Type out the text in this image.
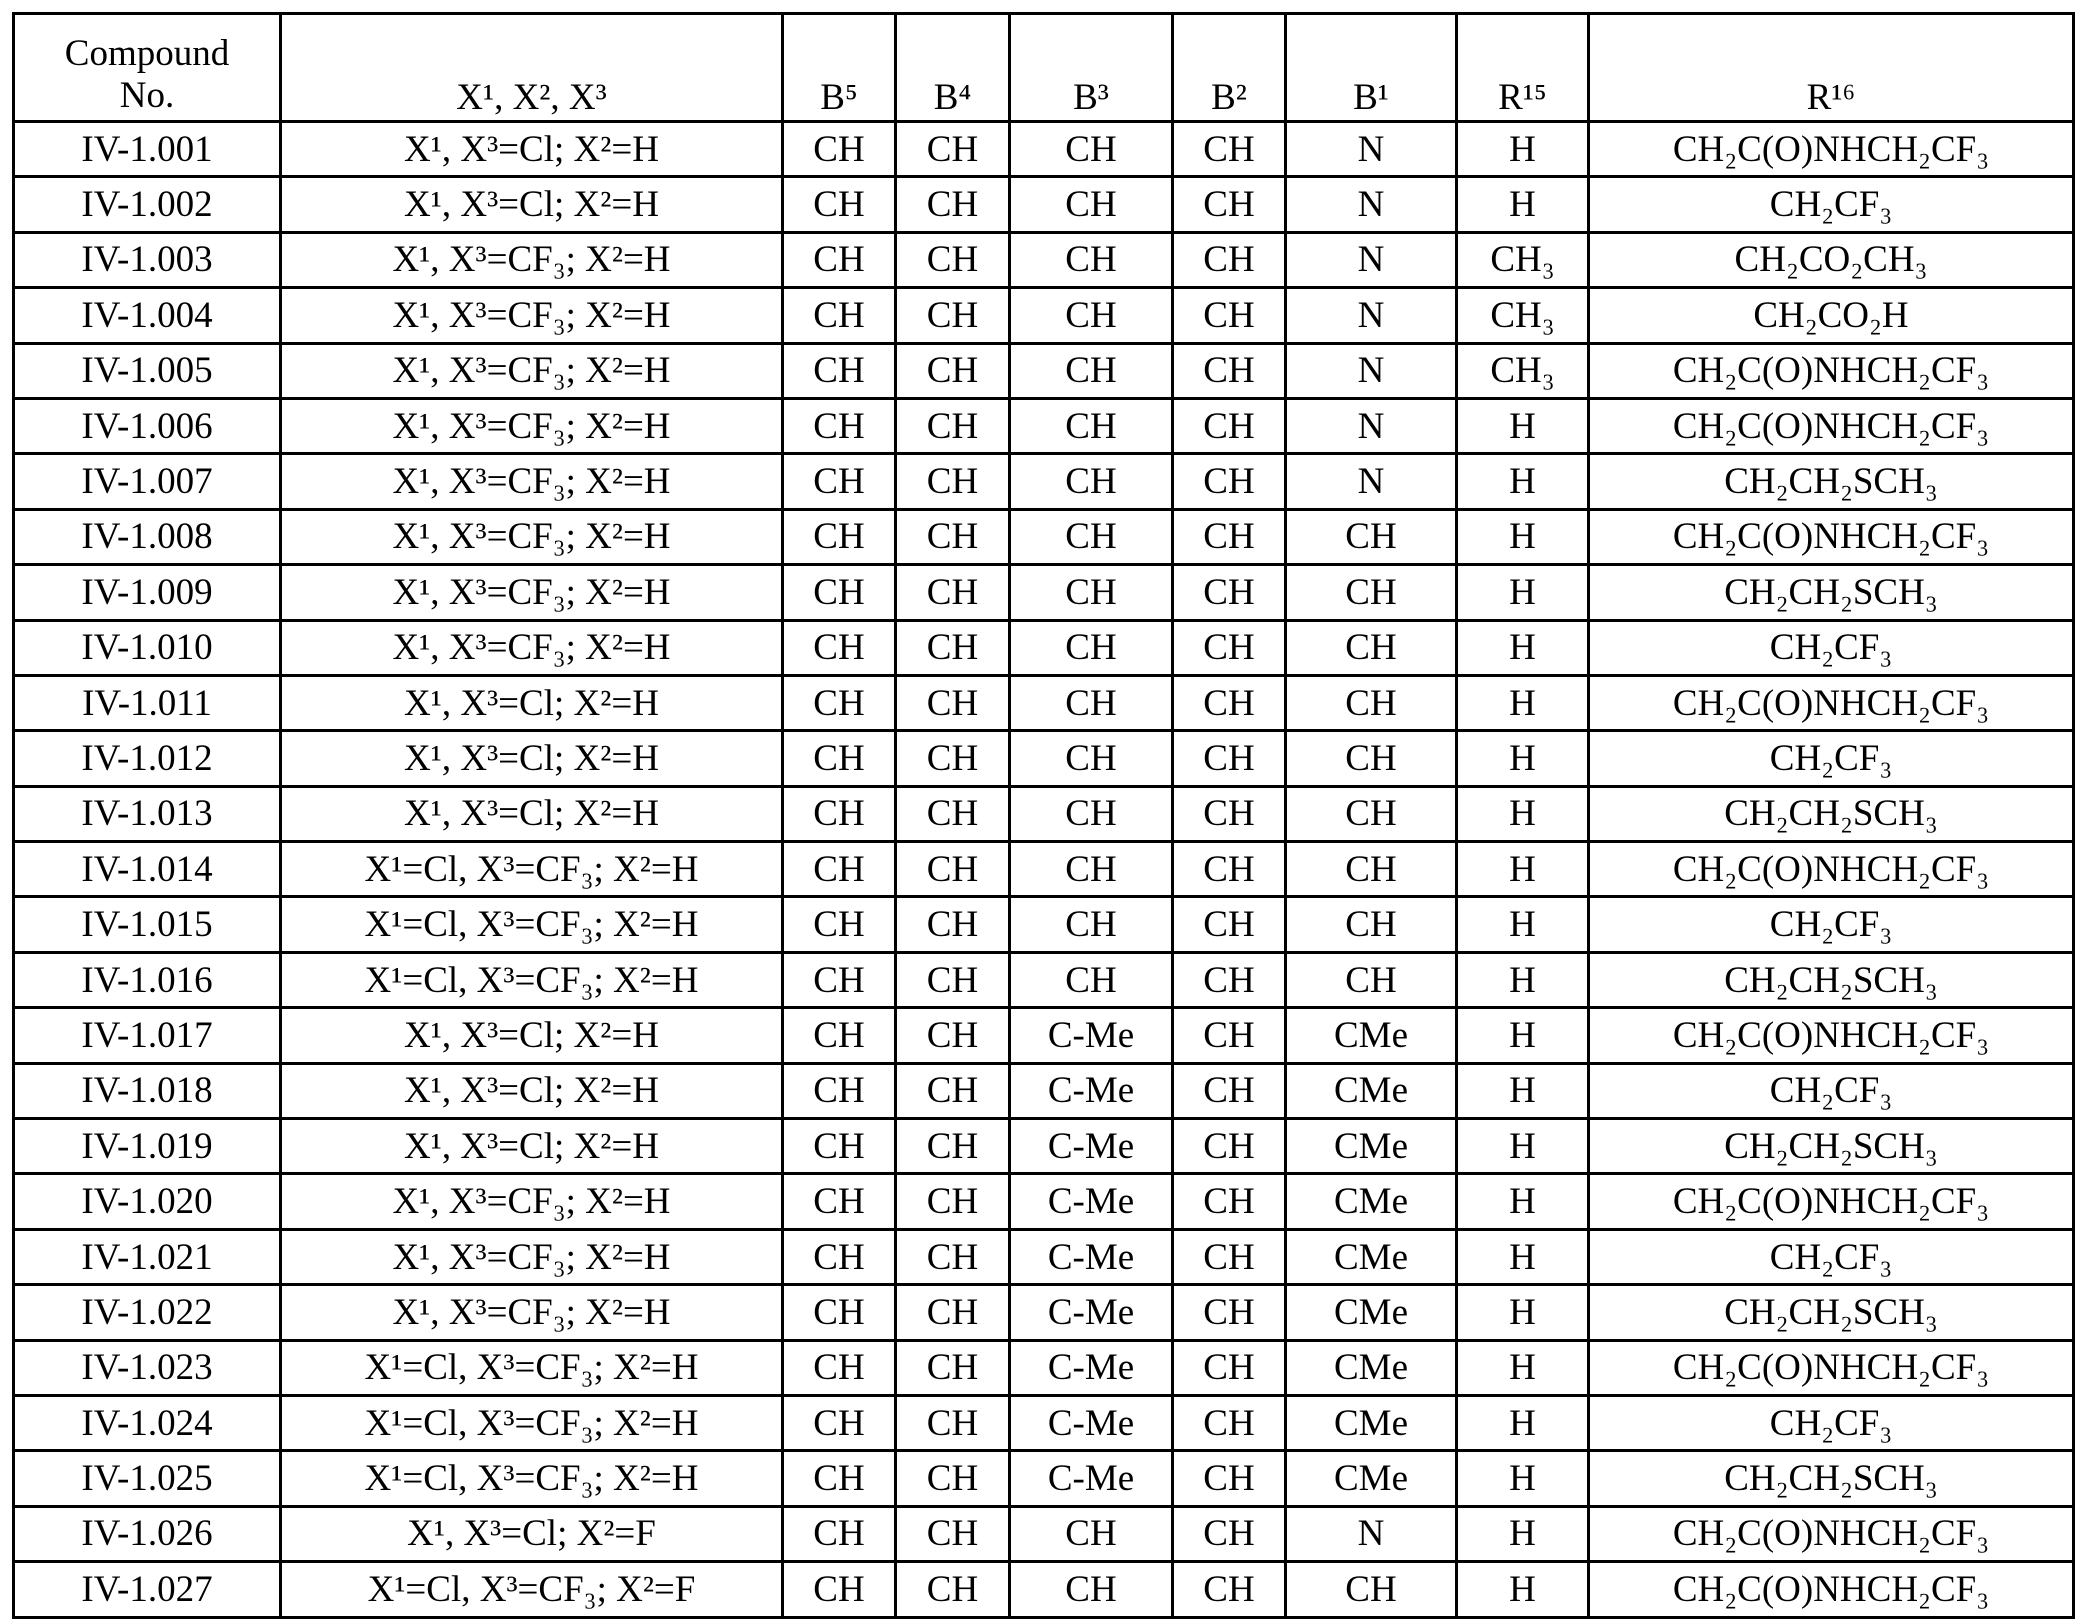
Compound
No.	X¹, X², X³	B⁵	B⁴	B³	B²	B¹	R¹⁵	R¹⁶
IV-1.001	X¹, X³=Cl; X²=H	CH	CH	CH	CH	N	H	CH₂C(O)NHCH₂CF₃
IV-1.002	X¹, X³=Cl; X²=H	CH	CH	CH	CH	N	H	CH₂CF₃
IV-1.003	X¹, X³=CF₃; X²=H	CH	CH	CH	CH	N	CH₃	CH₂CO₂CH₃
IV-1.004	X¹, X³=CF₃; X²=H	CH	CH	CH	CH	N	CH₃	CH₂CO₂H
IV-1.005	X¹, X³=CF₃; X²=H	CH	CH	CH	CH	N	CH₃	CH₂C(O)NHCH₂CF₃
IV-1.006	X¹, X³=CF₃; X²=H	CH	CH	CH	CH	N	H	CH₂C(O)NHCH₂CF₃
IV-1.007	X¹, X³=CF₃; X²=H	CH	CH	CH	CH	N	H	CH₂CH₂SCH₃
IV-1.008	X¹, X³=CF₃; X²=H	CH	CH	CH	CH	CH	H	CH₂C(O)NHCH₂CF₃
IV-1.009	X¹, X³=CF₃; X²=H	CH	CH	CH	CH	CH	H	CH₂CH₂SCH₃
IV-1.010	X¹, X³=CF₃; X²=H	CH	CH	CH	CH	CH	H	CH₂CF₃
IV-1.011	X¹, X³=Cl; X²=H	CH	CH	CH	CH	CH	H	CH₂C(O)NHCH₂CF₃
IV-1.012	X¹, X³=Cl; X²=H	CH	CH	CH	CH	CH	H	CH₂CF₃
IV-1.013	X¹, X³=Cl; X²=H	CH	CH	CH	CH	CH	H	CH₂CH₂SCH₃
IV-1.014	X¹=Cl, X³=CF₃; X²=H	CH	CH	CH	CH	CH	H	CH₂C(O)NHCH₂CF₃
IV-1.015	X¹=Cl, X³=CF₃; X²=H	CH	CH	CH	CH	CH	H	CH₂CF₃
IV-1.016	X¹=Cl, X³=CF₃; X²=H	CH	CH	CH	CH	CH	H	CH₂CH₂SCH₃
IV-1.017	X¹, X³=Cl; X²=H	CH	CH	C-Me	CH	CMe	H	CH₂C(O)NHCH₂CF₃
IV-1.018	X¹, X³=Cl; X²=H	CH	CH	C-Me	CH	CMe	H	CH₂CF₃
IV-1.019	X¹, X³=Cl; X²=H	CH	CH	C-Me	CH	CMe	H	CH₂CH₂SCH₃
IV-1.020	X¹, X³=CF₃; X²=H	CH	CH	C-Me	CH	CMe	H	CH₂C(O)NHCH₂CF₃
IV-1.021	X¹, X³=CF₃; X²=H	CH	CH	C-Me	CH	CMe	H	CH₂CF₃
IV-1.022	X¹, X³=CF₃; X²=H	CH	CH	C-Me	CH	CMe	H	CH₂CH₂SCH₃
IV-1.023	X¹=Cl, X³=CF₃; X²=H	CH	CH	C-Me	CH	CMe	H	CH₂C(O)NHCH₂CF₃
IV-1.024	X¹=Cl, X³=CF₃; X²=H	CH	CH	C-Me	CH	CMe	H	CH₂CF₃
IV-1.025	X¹=Cl, X³=CF₃; X²=H	CH	CH	C-Me	CH	CMe	H	CH₂CH₂SCH₃
IV-1.026	X¹, X³=Cl; X²=F	CH	CH	CH	CH	N	H	CH₂C(O)NHCH₂CF₃
IV-1.027	X¹=Cl, X³=CF₃; X²=F	CH	CH	CH	CH	CH	H	CH₂C(O)NHCH₂CF₃
